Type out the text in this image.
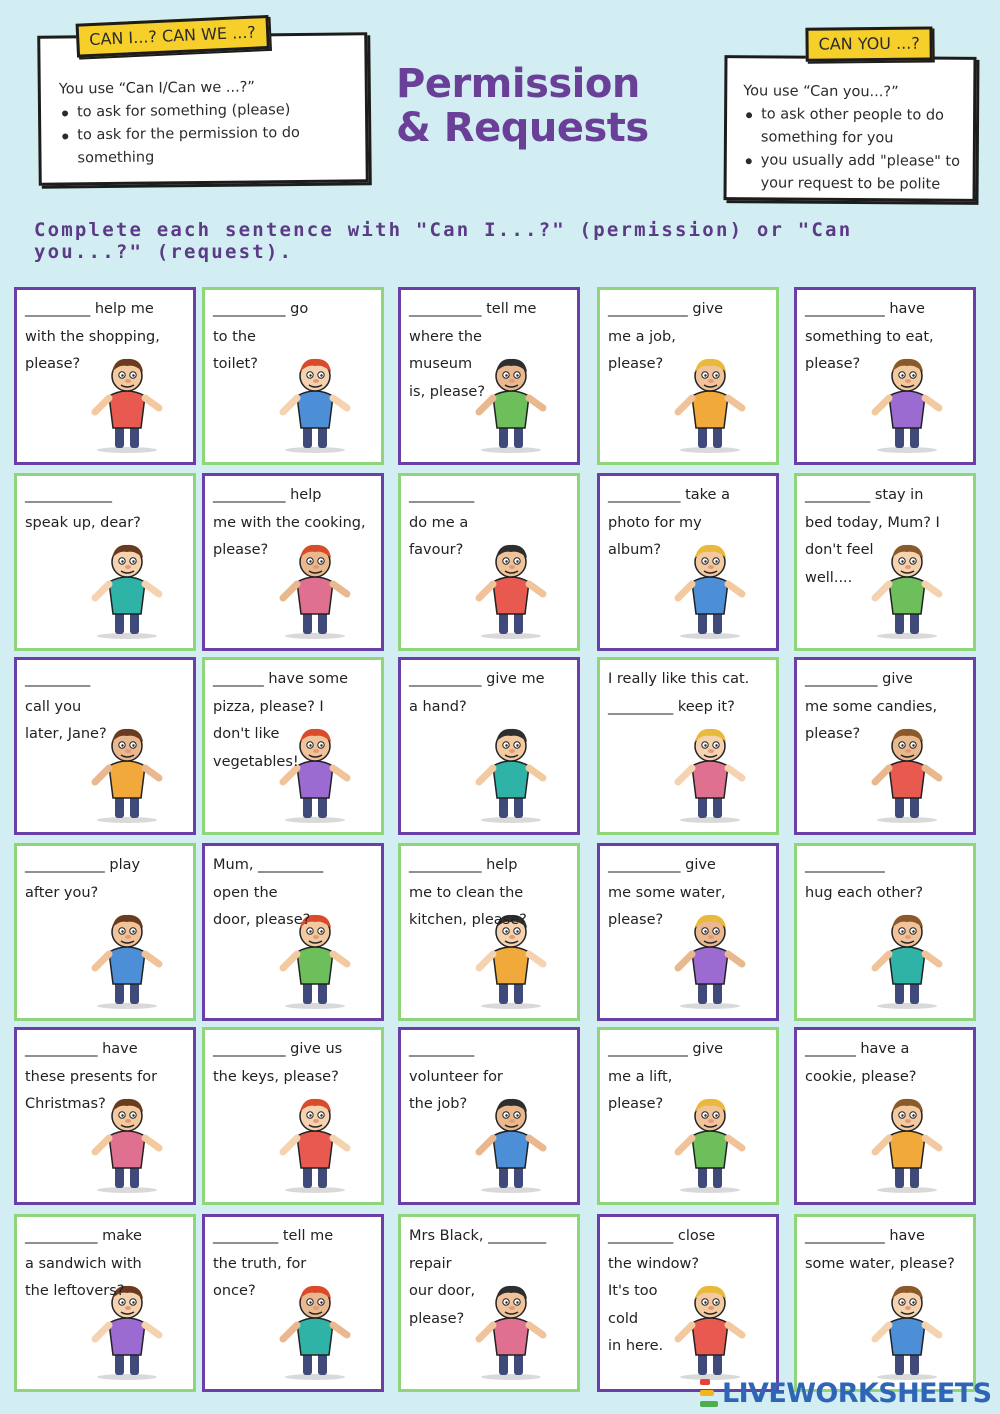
CAN I...? CAN WE ...?
You use “Can I/Can we ...?”
to ask for something (please)
to ask for the permission to do something
Permission
& Requests
CAN YOU ...?
You use “Can you...?”
to ask other people to do something for you
you usually add "please" to your request to be polite
Complete each sentence with "Can I...?" (permission) or "Can you...?" (request).
_________ help me
with the shopping,
please?
__________ go
to the
toilet?
__________ tell me
where the
museum
is, please?
___________ give
me a job,
please?
___________ have
something to eat,
please?
____________
speak up, dear?
__________ help
me with the cooking,
please?
_________
do me a
favour?
__________ take a
photo for my
album?
_________ stay in
bed today, Mum? I
don't feel
well....
_________
call you
later, Jane?
_______ have some
pizza, please? I
don't like
vegetables!
__________ give me
a hand?
I really like this cat.
_________ keep it?
__________ give
me some candies,
please?
___________ play
after you?
Mum, _________
open the
door, please?
__________ help
me to clean the
kitchen, please?
__________ give
me some water,
please?
___________
hug each other?
__________ have
these presents for
Christmas?
__________ give us
the keys, please?
_________
volunteer for
the job?
___________ give
me a lift,
please?
_______ have a
cookie, please?
__________ make
a sandwich with
the leftovers?
_________ tell me
the truth, for
once?
Mrs Black, ________
repair
our door,
please?
_________ close
the window?
It's too
cold
in here.
___________ have
some water, please?
LIVEWORKSHEETS
